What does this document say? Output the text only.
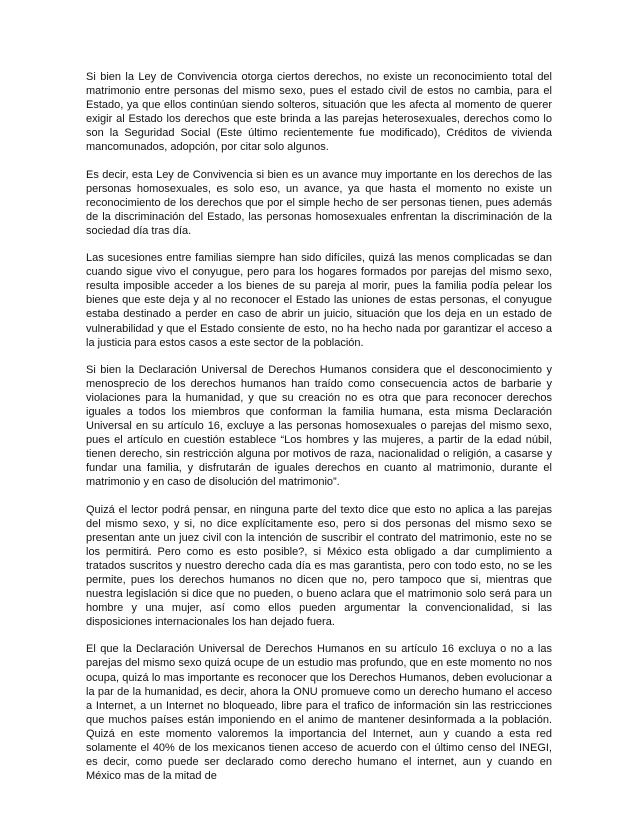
Si bien la Ley de Convivencia otorga ciertos derechos, no existe un reconocimiento total del matrimonio entre personas del mismo sexo, pues el estado civil de estos no cambia, para el Estado, ya que ellos continúan siendo solteros, situación que les afecta al momento de querer exigir al Estado los derechos que este brinda a las parejas heterosexuales, derechos como lo son la Seguridad Social (Este último recientemente fue modificado), Créditos de vivienda mancomunados, adopción, por citar solo algunos.

Es decir, esta Ley de Convivencia si bien es un avance muy importante en los derechos de las personas homosexuales, es solo eso, un avance, ya que hasta el momento no existe un reconocimiento de los derechos que por el simple hecho de ser personas tienen, pues además de la discriminación del Estado, las personas homosexuales enfrentan la discriminación de la sociedad día tras día.

Las sucesiones entre familias siempre han sido difíciles, quizá las menos complicadas se dan cuando sigue vivo el conyugue, pero para los hogares formados por parejas del mismo sexo, resulta imposible acceder a los bienes de su pareja al morir, pues la familia podía pelear los bienes que este deja y al no reconocer el Estado las uniones de estas personas, el conyugue estaba destinado a perder en caso de abrir un juicio, situación que los deja en un estado de vulnerabilidad y que el Estado consiente de esto, no ha hecho nada por garantizar el acceso a la justicia para estos casos a este sector de la población.

Si bien la Declaración Universal de Derechos Humanos considera que el desconocimiento y menosprecio de los derechos humanos han traído como consecuencia actos de barbarie y violaciones para la humanidad, y que su creación no es otra que para reconocer derechos iguales a todos los miembros que conforman la familia humana, esta misma Declaración Universal en su artículo 16, excluye a las personas homosexuales o parejas del mismo sexo, pues el artículo en cuestión establece “Los hombres y las mujeres, a partir de la edad núbil, tienen derecho, sin restricción alguna por motivos de raza, nacionalidad o religión, a casarse y fundar una familia, y disfrutarán de iguales derechos en cuanto al matrimonio, durante el matrimonio y en caso de disolución del matrimonio”.

Quizá el lector podrá pensar, en ninguna parte del texto dice que esto no aplica a las parejas del mismo sexo, y si, no dice explícitamente eso, pero si dos personas del mismo sexo se presentan ante un juez civil con la intención de suscribir el contrato del matrimonio, este no se los permitirá. Pero como es esto posible?, si México esta obligado a dar cumplimiento a tratados suscritos y nuestro derecho cada día es mas garantista, pero con todo esto, no se les permite, pues los derechos humanos no dicen que no, pero tampoco que si, mientras que nuestra legislación si dice que no pueden, o bueno aclara que el matrimonio solo será para un hombre y una mujer, así como ellos pueden argumentar la convencionalidad, si las disposiciones internacionales los han dejado fuera.

El que la Declaración Universal de Derechos Humanos en su artículo 16 excluya o no a las parejas del mismo sexo quizá ocupe de un estudio mas profundo, que en este momento no nos ocupa, quizá lo mas importante es reconocer que los Derechos Humanos, deben evolucionar a la par de la humanidad, es decir, ahora la ONU promueve como un derecho humano el acceso a Internet, a un Internet no bloqueado, libre para el trafico de información sin las restricciones que muchos países están imponiendo en el animo de mantener desinformada a la población. Quizá en este momento valoremos la importancia del Internet, aun y cuando a esta red solamente el 40% de los mexicanos tienen acceso de acuerdo con el último censo del INEGI, es decir, como puede ser declarado como derecho humano el internet, aun y cuando en México mas de la mitad de
